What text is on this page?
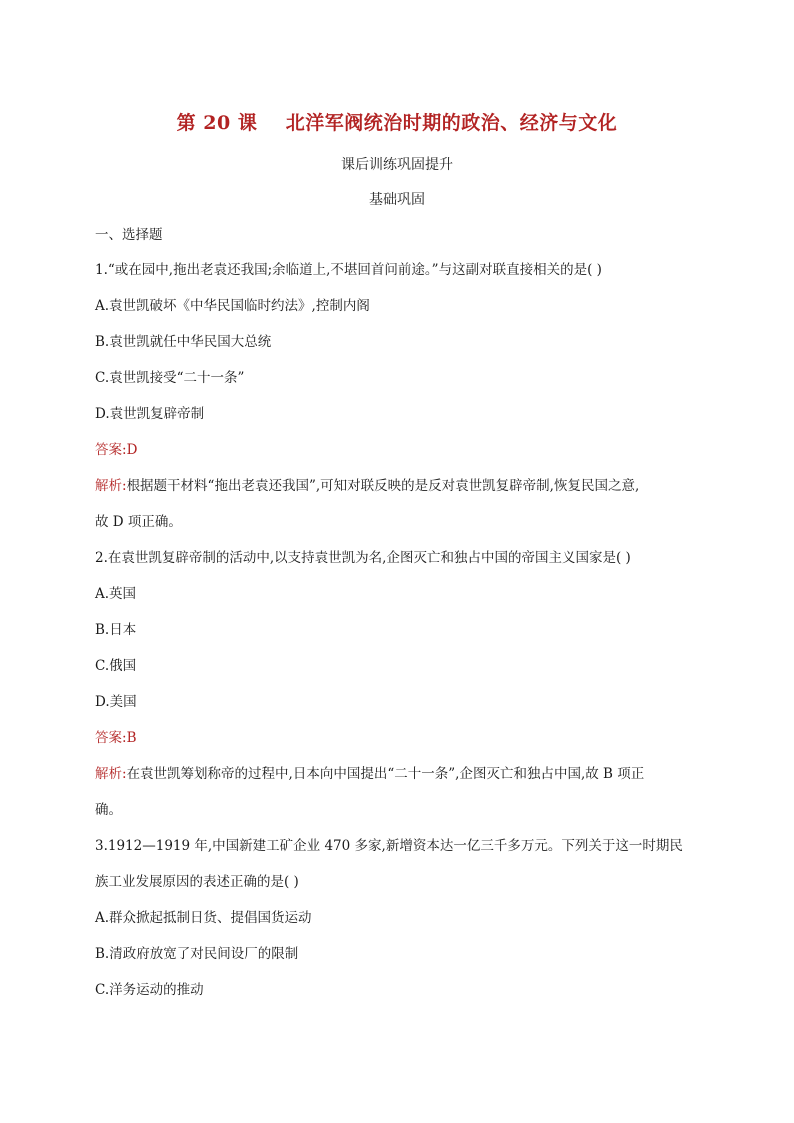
第 20 课    北洋军阀统治时期的政治、经济与文化
课后训练巩固提升
基础巩固
一、选择题
1.“或在园中,拖出老袁还我国;余临道上,不堪回首问前途。”与这副对联直接相关的是( )
A.袁世凯破坏《中华民国临时约法》,控制内阁
B.袁世凯就任中华民国大总统
C.袁世凯接受“二十一条”
D.袁世凯复辟帝制
答案:D
解析:根据题干材料“拖出老袁还我国”,可知对联反映的是反对袁世凯复辟帝制,恢复民国之意,
故 D 项正确。
2.在袁世凯复辟帝制的活动中,以支持袁世凯为名,企图灭亡和独占中国的帝国主义国家是( )
A.英国
B.日本
C.俄国
D.美国
答案:B
解析:在袁世凯筹划称帝的过程中,日本向中国提出“二十一条”,企图灭亡和独占中国,故 B 项正
确。
3.1912—1919 年,中国新建工矿企业 470 多家,新增资本达一亿三千多万元。下列关于这一时期民
族工业发展原因的表述正确的是( )
A.群众掀起抵制日货、提倡国货运动
B.清政府放宽了对民间设厂的限制
C.洋务运动的推动
